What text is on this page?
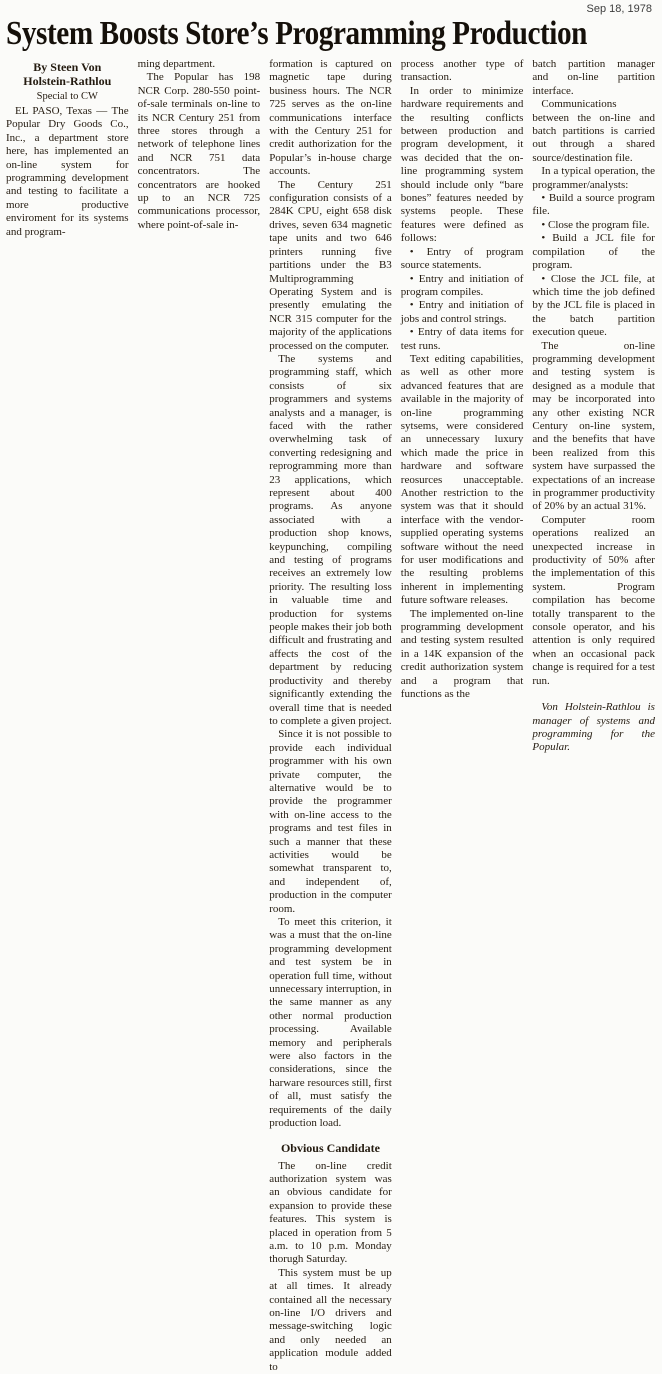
Sep 18, 1978
System Boosts Store’s Programming Production

By Steen Von Holstein-Rathlou

Special to CW

EL PASO, Texas — The Popular Dry Goods Co., Inc., a department store here, has implemented an on-line system for programming development and testing to facilitate a more productive enviroment for its systems and program-

ming department.

The Popular has 198 NCR Corp. 280-550 point-of-sale terminals on-line to its NCR Century 251 from three stores through a network of telephone lines and NCR 751 data concentrators. The concentrators are hooked up to an NCR 725 communications processor, where point-of-sale in-

formation is captured on magnetic tape during business hours. The NCR 725 serves as the on-line communications interface with the Century 251 for credit authorization for the Popular’s in-house charge accounts.

The Century 251 configuration consists of a 284K CPU, eight 658 disk drives, seven 634 magnetic tape units and two 646 printers running five partitions under the B3 Multiprogramming Operating System and is presently emulating the NCR 315 computer for the majority of the applications processed on the computer.

The systems and programming staff, which consists of six programmers and systems analysts and a manager, is faced with the rather overwhelming task of converting redesigning and reprogramming more than 23 applications, which represent about 400 programs. As anyone associated with a production shop knows, keypunching, compiling and testing of programs receives an extremely low priority. The resulting loss in valuable time and production for systems people makes their job both difficult and frustrating and affects the cost of the department by reducing productivity and thereby significantly extending the overall time that is needed to complete a given project.

Since it is not possible to provide each individual programmer with his own private computer, the alternative would be to provide the programmer with on-line access to the programs and test files in such a manner that these activities would be somewhat transparent to, and independent of, production in the computer room.

To meet this criterion, it was a must that the on-line programming development and test system be in operation full time, without unnecessary interruption, in the same manner as any other normal production processing. Available memory and peripherals were also factors in the considerations, since the harware resources still, first of all, must satisfy the requirements of the daily production load.

Obvious Candidate

The on-line credit authorization system was an obvious candidate for expansion to provide these features. This system is placed in operation from 5 a.m. to 10 p.m. Monday thorugh Saturday.

This system must be up at all times. It already contained all the necessary on-line I/O drivers and message-switching logic and only needed an application module added to

process another type of transaction.

In order to minimize hardware requirements and the resulting conflicts between production and program development, it was decided that the on-line programming system should include only “bare bones” features needed by systems people. These features were defined as follows:

• Entry of program source statements.

• Entry and initiation of program compiles.

• Entry and initiation of jobs and control strings.

• Entry of data items for test runs.

Text editing capabilities, as well as other more advanced features that are available in the majority of on-line programming sytsems, were considered an unnecessary luxury which made the price in hardware and software reosurces unacceptable. Another restriction to the system was that it should interface with the vendor-supplied operating systems software without the need for user modifications and the resulting problems inherent in implementing future software releases.

The implemented on-line programming development and testing system resulted in a 14K expansion of the credit authorization system and a program that functions as the

batch partition manager and on-line partition interface.

Communications between the on-line and batch partitions is carried out through a shared source/destination file.

In a typical operation, the programmer/analysts:

• Build a source program file.

• Close the program file.

• Build a JCL file for compilation of the program.

• Close the JCL file, at which time the job defined by the JCL file is placed in the batch partition execution queue.

The on-line programming development and testing system is designed as a module that may be incorporated into any other existing NCR Century on-line system, and the benefits that have been realized from this system have surpassed the expectations of an increase in programmer productivity of 20% by an actual 31%.

Computer room operations realized an unexpected increase in productivity of 50% after the implementation of this system. Program compilation has become totally transparent to the console operator, and his attention is only required when an occasional pack change is required for a test run.

Von Holstein-Rathlou is manager of systems and programming for the Popular.
